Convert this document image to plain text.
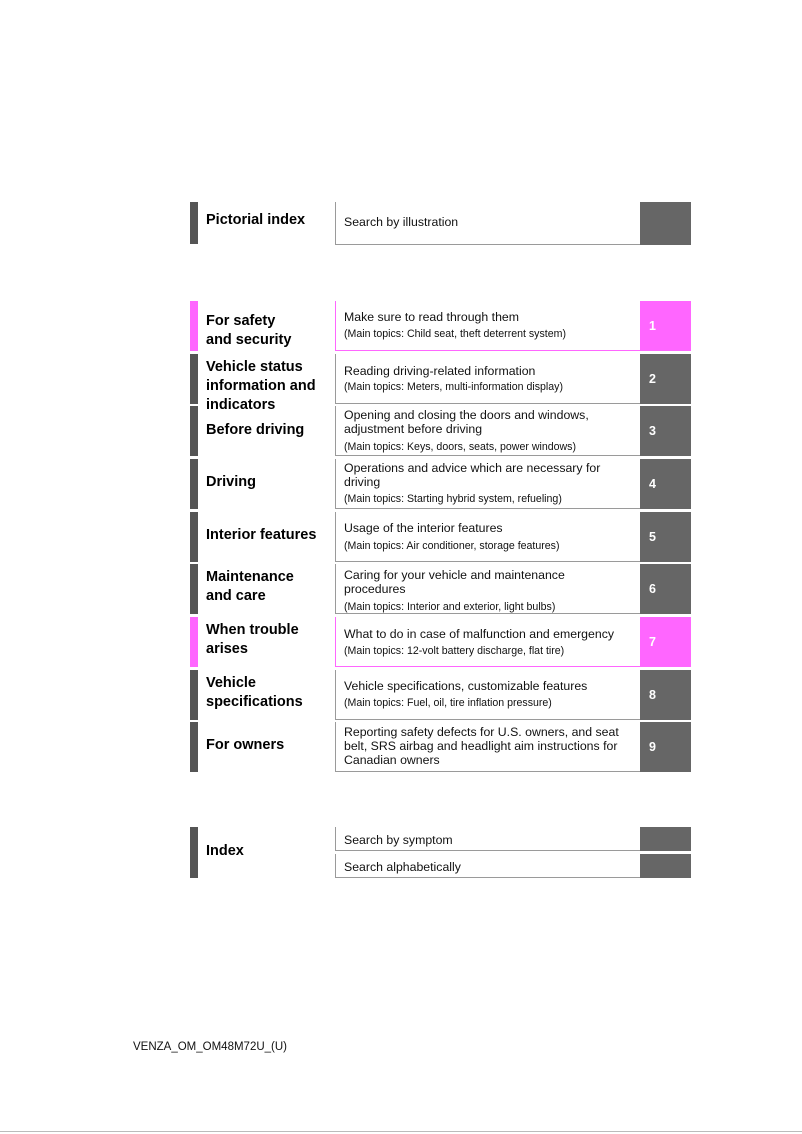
Pictorial index	Search by illustration
For safety
and security
Make sure to read through them
(Main topics: Child seat, theft deterrent system)
1
Vehicle status
information and
indicators
Reading driving-related information
(Main topics: Meters, multi-information display)
2
Before driving
Opening and closing the doors and windows,
adjustment before driving
(Main topics: Keys, doors, seats, power windows)
3
Driving
Operations and advice which are necessary for
driving
(Main topics: Starting hybrid system, refueling)
4
Interior features	Usage of the interior features
(Main topics: Air conditioner, storage features)
5
Maintenance
and care
Caring for your vehicle and maintenance
procedures
(Main topics: Interior and exterior, light bulbs)
6
When trouble
arises
What to do in case of malfunction and emergency
(Main topics: 12-volt battery discharge, flat tire)
7
Vehicle
specifications
Vehicle specifications, customizable features
(Main topics: Fuel, oil, tire inflation pressure)
8
For owners
Reporting safety defects for U.S. owners, and seat
belt, SRS airbag and headlight aim instructions for
Canadian owners
9
Index
Search by symptom
Search alphabetically
VENZA_OM_OM48M72U_(U)
